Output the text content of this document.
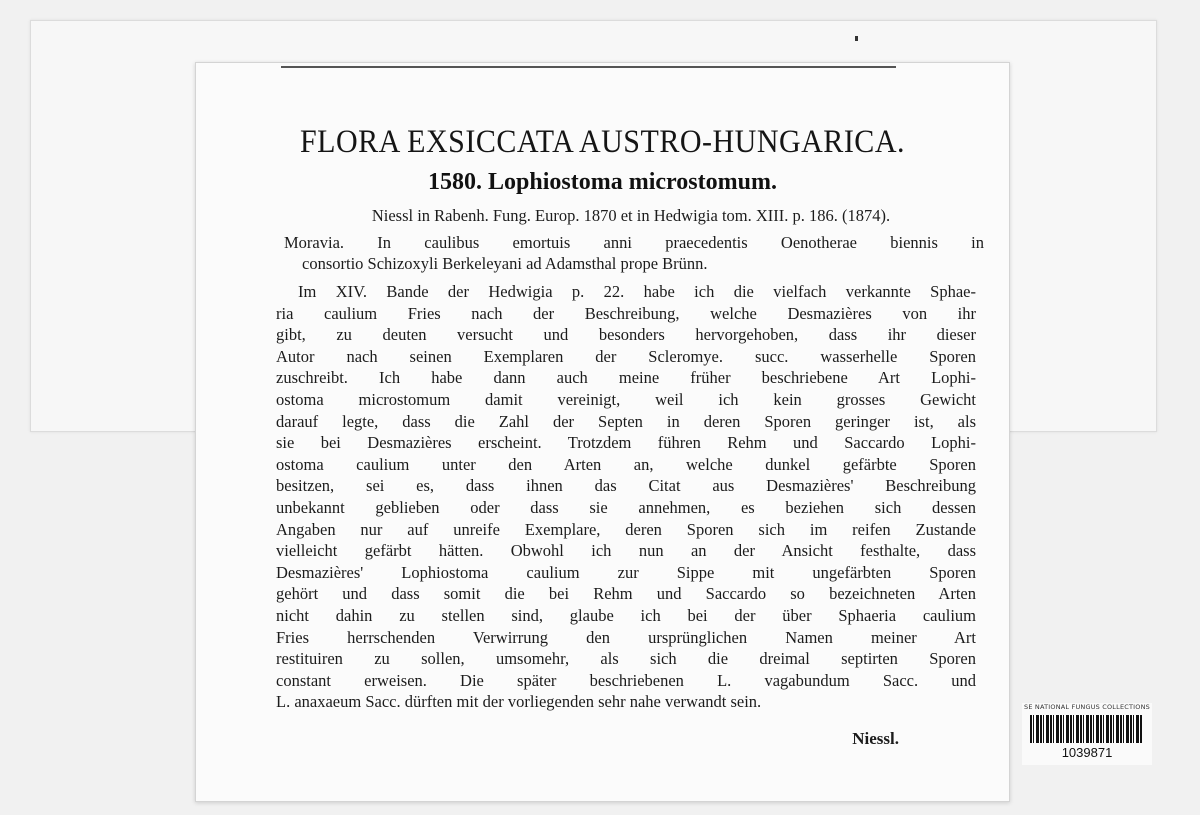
FLORA EXSICCATA AUSTRO-HUNGARICA.
1580. Lophiostoma microstomum.
Niessl in Rabenh. Fung. Europ. 1870 et in Hedwigia tom. XIII. p. 186. (1874).
Moravia. In caulibus emortuis anni praecedentis Oenotherae biennis in
consortio Schizoxyli Berkeleyani ad Adamsthal prope Brünn.
Im XIV. Bande der Hedwigia p. 22. habe ich die vielfach verkannte Sphae-
ria caulium Fries nach der Beschreibung, welche Desmazières von ihr
gibt, zu deuten versucht und besonders hervorgehoben, dass ihr dieser
Autor nach seinen Exemplaren der Scleromye. succ. wasserhelle Sporen
zuschreibt. Ich habe dann auch meine früher beschriebene Art Lophi-
ostoma microstomum damit vereinigt, weil ich kein grosses Gewicht
darauf legte, dass die Zahl der Septen in deren Sporen geringer ist, als
sie bei Desmazières erscheint. Trotzdem führen Rehm und Saccardo Lophi-
ostoma caulium unter den Arten an, welche dunkel gefärbte Sporen
besitzen, sei es, dass ihnen das Citat aus Desmazières' Beschreibung
unbekannt geblieben oder dass sie annehmen, es beziehen sich dessen
Angaben nur auf unreife Exemplare, deren Sporen sich im reifen Zustande
vielleicht gefärbt hätten. Obwohl ich nun an der Ansicht festhalte, dass
Desmazières' Lophiostoma caulium zur Sippe mit ungefärbten Sporen
gehört und dass somit die bei Rehm und Saccardo so bezeichneten Arten
nicht dahin zu stellen sind, glaube ich bei der über Sphaeria caulium
Fries herrschenden Verwirrung den ursprünglichen Namen meiner Art
restituiren zu sollen, umsomehr, als sich die dreimal septirten Sporen
constant erweisen. Die später beschriebenen L. vagabundum Sacc. und
L. anaxaeum Sacc. dürften mit der vorliegenden sehr nahe verwandt sein.
Niessl.
SE NATIONAL FUNGUS COLLECTIONS
1039871
